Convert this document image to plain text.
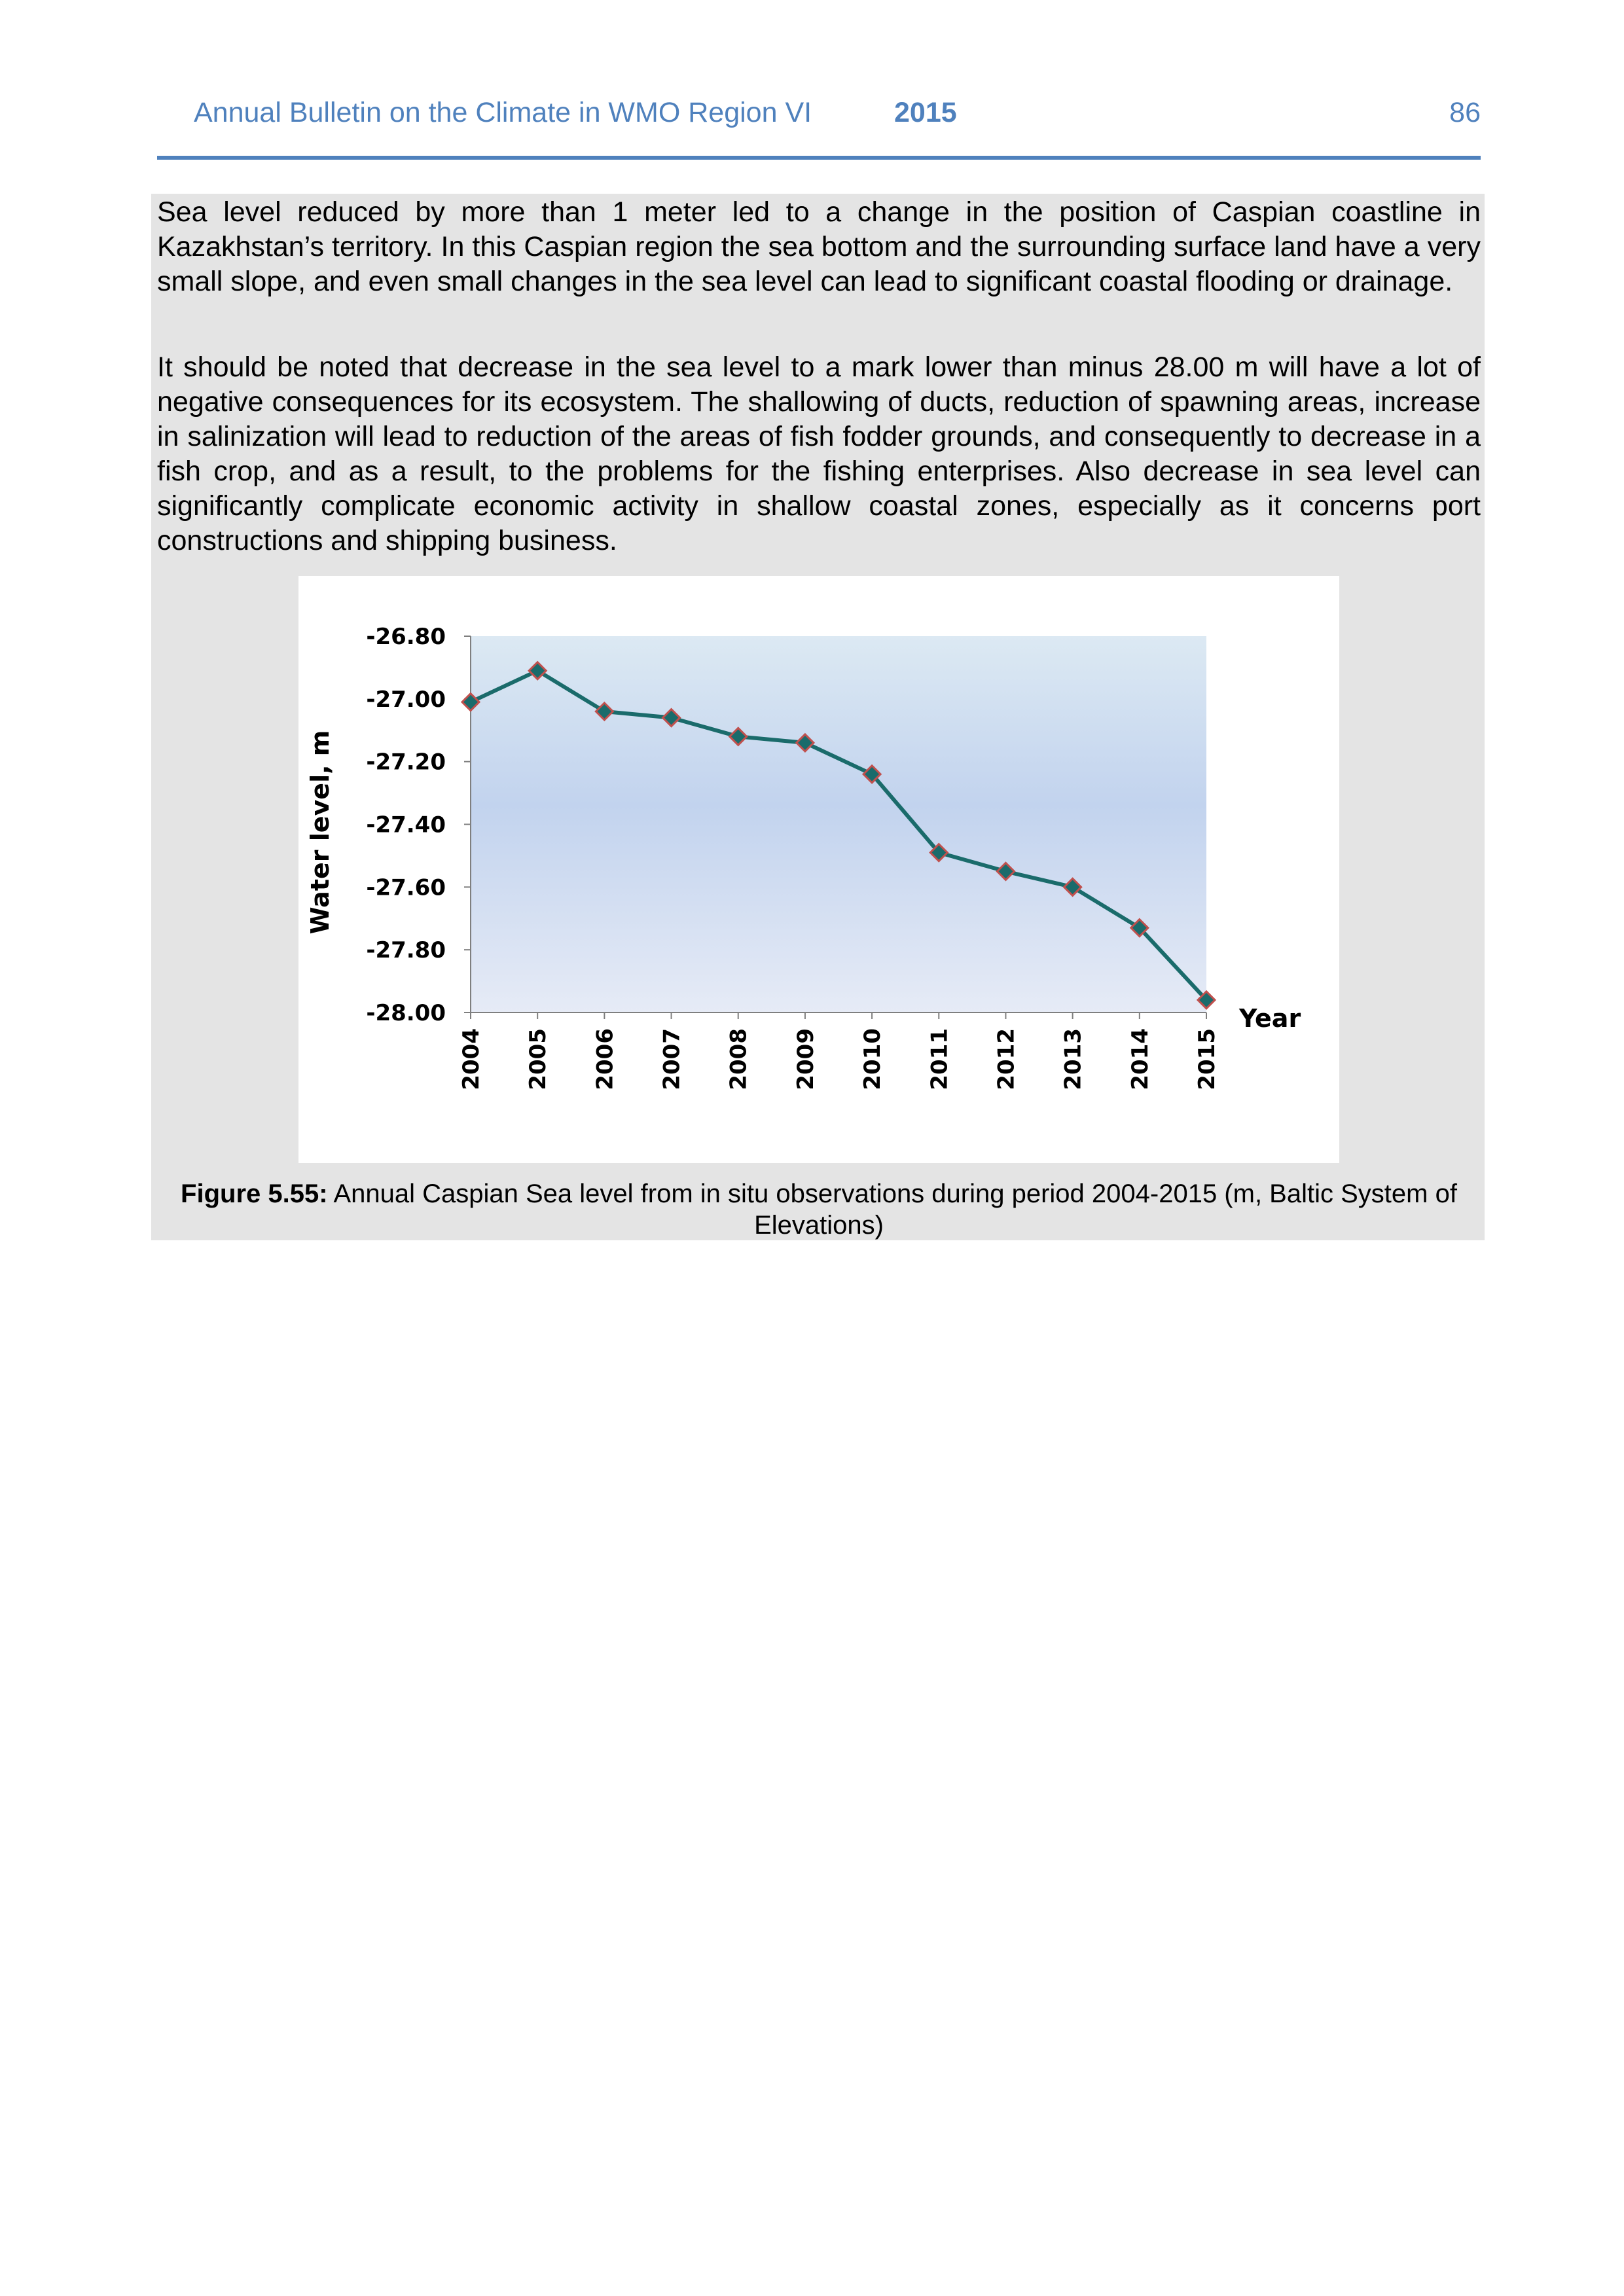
Annual Bulletin on the Climate in WMO Region VI	2015	86

Sea level reduced by more than 1 meter led to a change in the position of Caspian coastline in Kazakhstan’s territory. In this Caspian region the sea bottom and the surrounding surface land have a very small slope, and even small changes in the sea level can lead to significant coastal flooding or drainage.

It should be noted that decrease in the sea level to a mark lower than minus 28.00 m will have a lot of negative consequences for its ecosystem. The shallowing of ducts, reduction of spawning areas, increase in salinization will lead to reduction of the areas of fish fodder grounds, and consequently to decrease in a fish crop, and as a result, to the problems for the fishing enterprises. Also decrease in sea level can significantly complicate economic activity in shallow coastal zones, especially as it concerns port constructions and shipping business.

-26.80
-27.00
-27.20
-27.40
-27.60
-27.80
-28.00
2004 2005 2006 2007 2008 2009 2010 2011 2012 2013 2014 2015
Water level, m
Year

Figure 5.55: Annual Caspian Sea level from in situ observations during period 2004-2015 (m, Baltic System of Elevations)
